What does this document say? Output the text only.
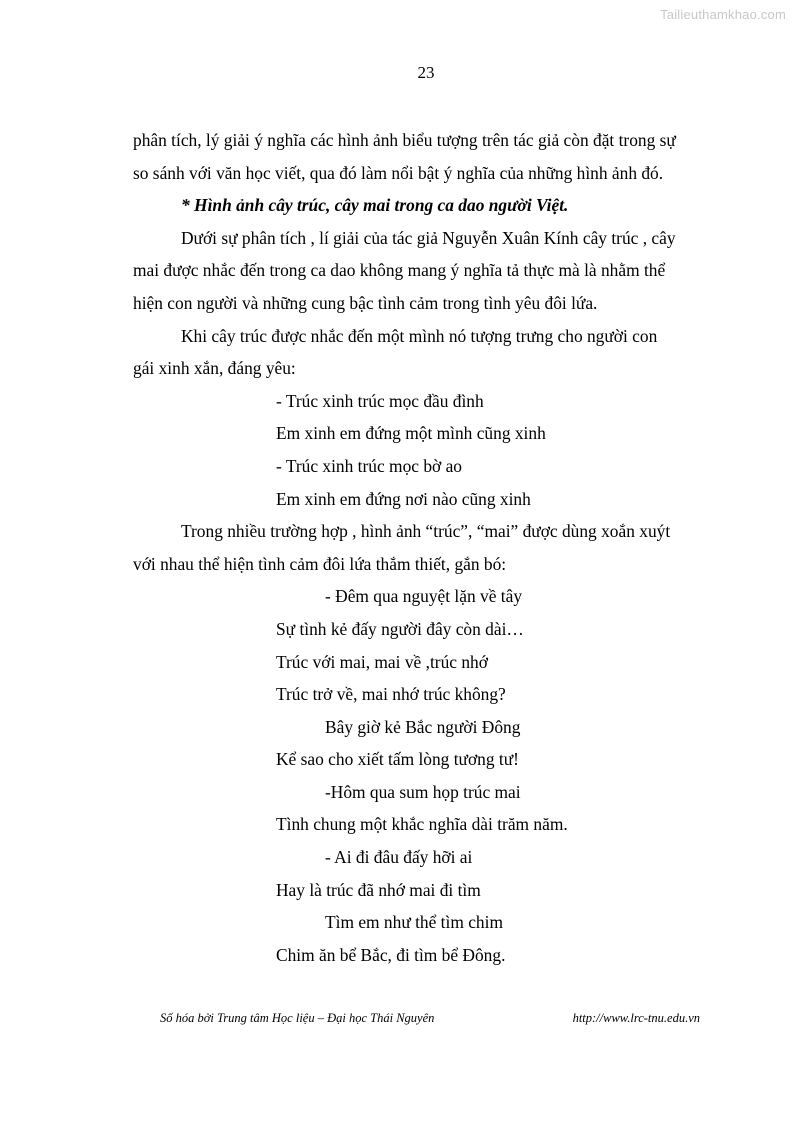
Tailieuthamkhao.com
23
phân tích, lý giải ý nghĩa các hình ảnh biểu tượng trên tác giả còn đặt trong sự
so sánh với văn học viết, qua đó làm nổi bật ý nghĩa của những hình ảnh đó.
* Hình ảnh cây trúc, cây mai trong ca dao người Việt.
Dưới sự phân tích , lí giải của tác giả Nguyễn Xuân Kính cây trúc , cây
mai được nhắc đến trong ca dao không mang ý nghĩa tả thực mà là nhằm thể
hiện con người và những cung bậc tình cảm trong tình yêu đôi lứa.
Khi cây trúc được nhắc đến một mình nó tượng trưng cho người con
gái xinh xắn, đáng yêu:
- Trúc xinh trúc mọc đầu đình
Em xinh em đứng một mình cũng xinh
- Trúc xinh trúc mọc bờ ao
Em xinh em đứng nơi nào cũng xinh
Trong nhiều trường hợp , hình ảnh “trúc”, “mai” được dùng xoắn xuýt
với nhau thể hiện tình cảm đôi lứa thắm thiết, gắn bó:
- Đêm qua nguyệt lặn về tây
Sự tình kẻ đấy người đây còn dài…
Trúc với mai, mai về ,trúc nhớ
Trúc trở về, mai nhớ trúc không?
Bây giờ kẻ Bắc người Đông
Kể sao cho xiết tấm lòng tương tư!
-Hôm qua sum họp trúc mai
Tình chung một khắc nghĩa dài trăm năm.
- Ai đi đâu đấy hỡi ai
Hay là trúc đã nhớ mai đi tìm
Tìm em như thể tìm chim
Chim ăn bể Bắc, đi tìm bể Đông.
Số hóa bởi Trung tâm Học liệu – Đại học Thái Nguyên	http://www.lrc-tnu.edu.vn
